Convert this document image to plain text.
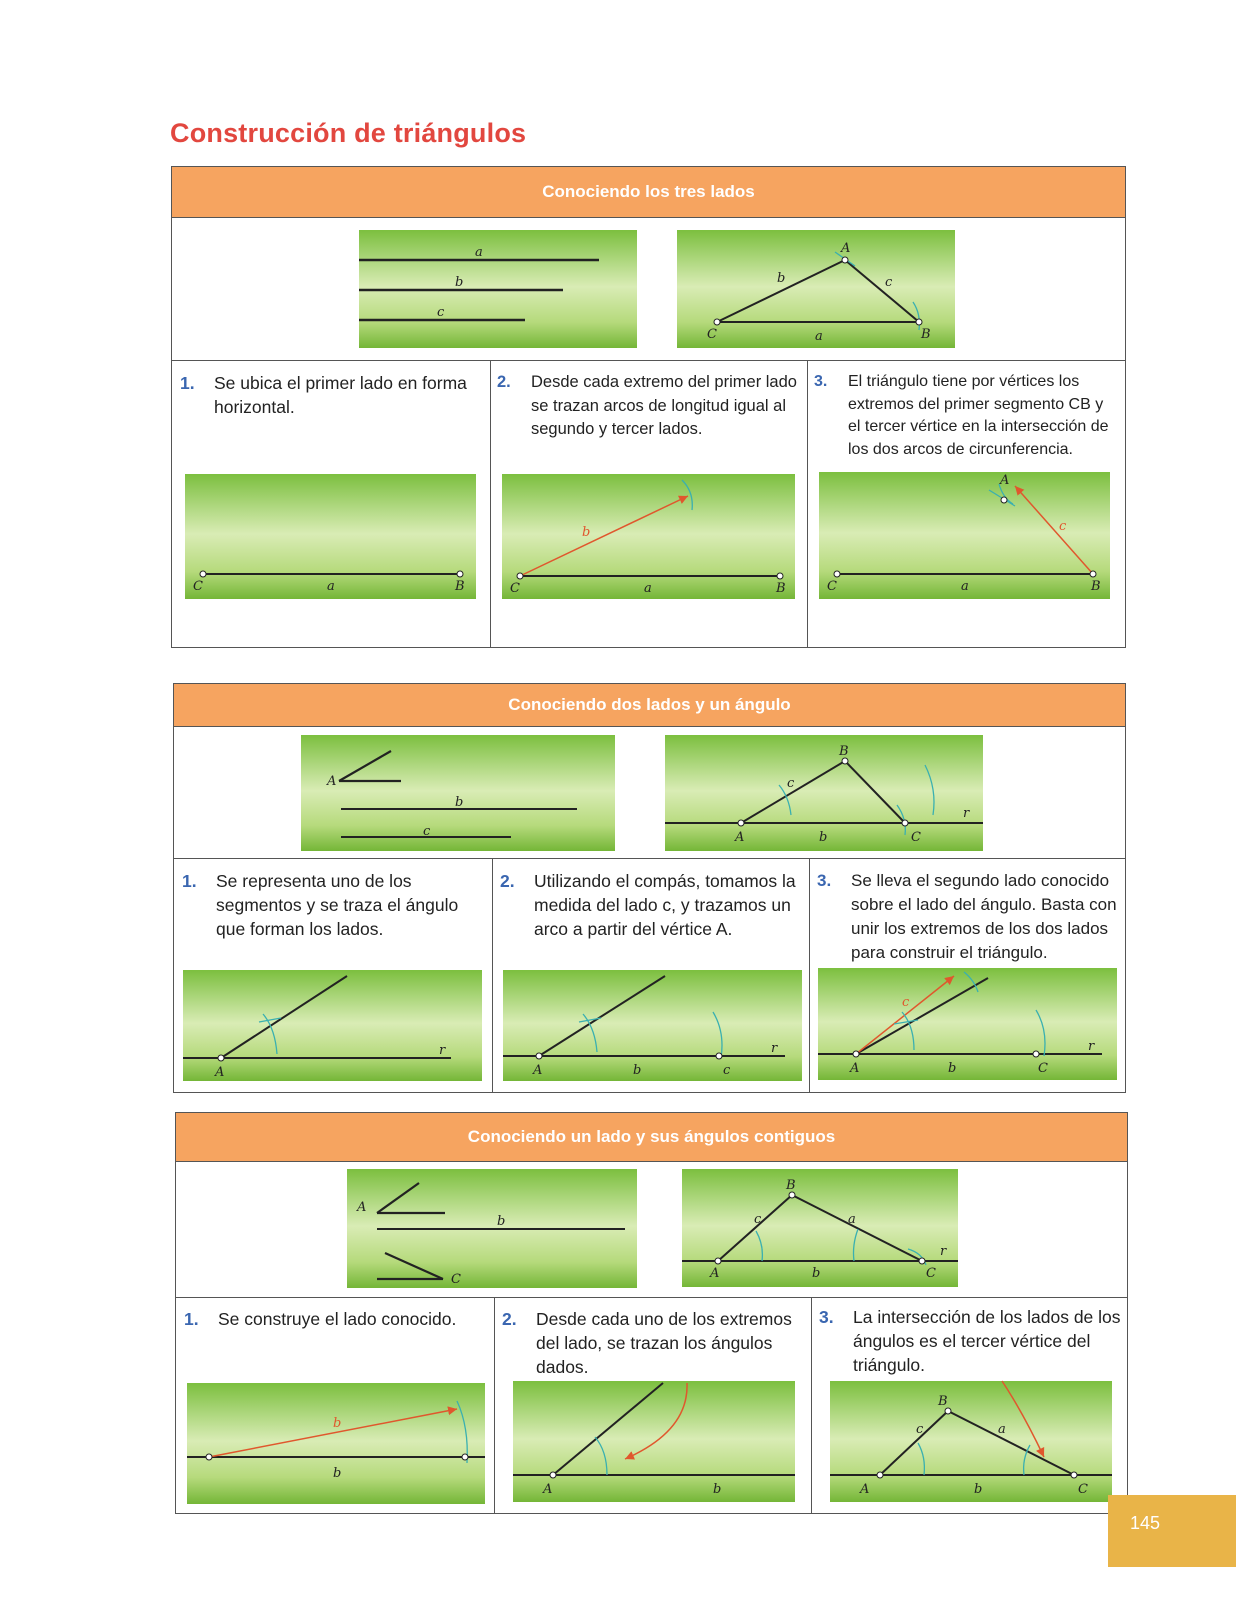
Construcción de triángulos
Conociendo los tres lados
a
b
c
A
C	B
a
b	c
1. Se ubica el primer lado en forma horizontal.
2. Desde cada extremo del primer lado se trazan arcos de longitud igual al segundo y tercer lados.
3. El triángulo tiene por vértices los extremos del primer segmento CB y el tercer vértice en la intersección de los dos arcos de circunferencia.
C	B
a	C	B
a
b
A
C	B
a
c
Conociendo dos lados y un ángulo
A
b
c
B
A	C
b
c
r
1. Se representa uno de los segmentos y se traza el ángulo que forman los lados.
2. Utilizando el compás, tomamos la medida del lado c, y trazamos un arco a partir del vértice A.
3. Se lleva el segundo lado conocido sobre el lado del ángulo. Basta con unir los extremos de los dos lados para construir el triángulo.
A
r
A	b	c
r
A	b	C
c
r
Conociendo un lado y sus ángulos contiguos
A
b
C
B
A	C
b
c	a
r
1. Se construye el lado conocido.	2. Desde cada uno de los extremos del lado, se trazan los ángulos dados.
3. La intersección de los lados de los ángulos es el tercer vértice del triángulo.
b
b
A	b
B
A	C
b
c	a
145
